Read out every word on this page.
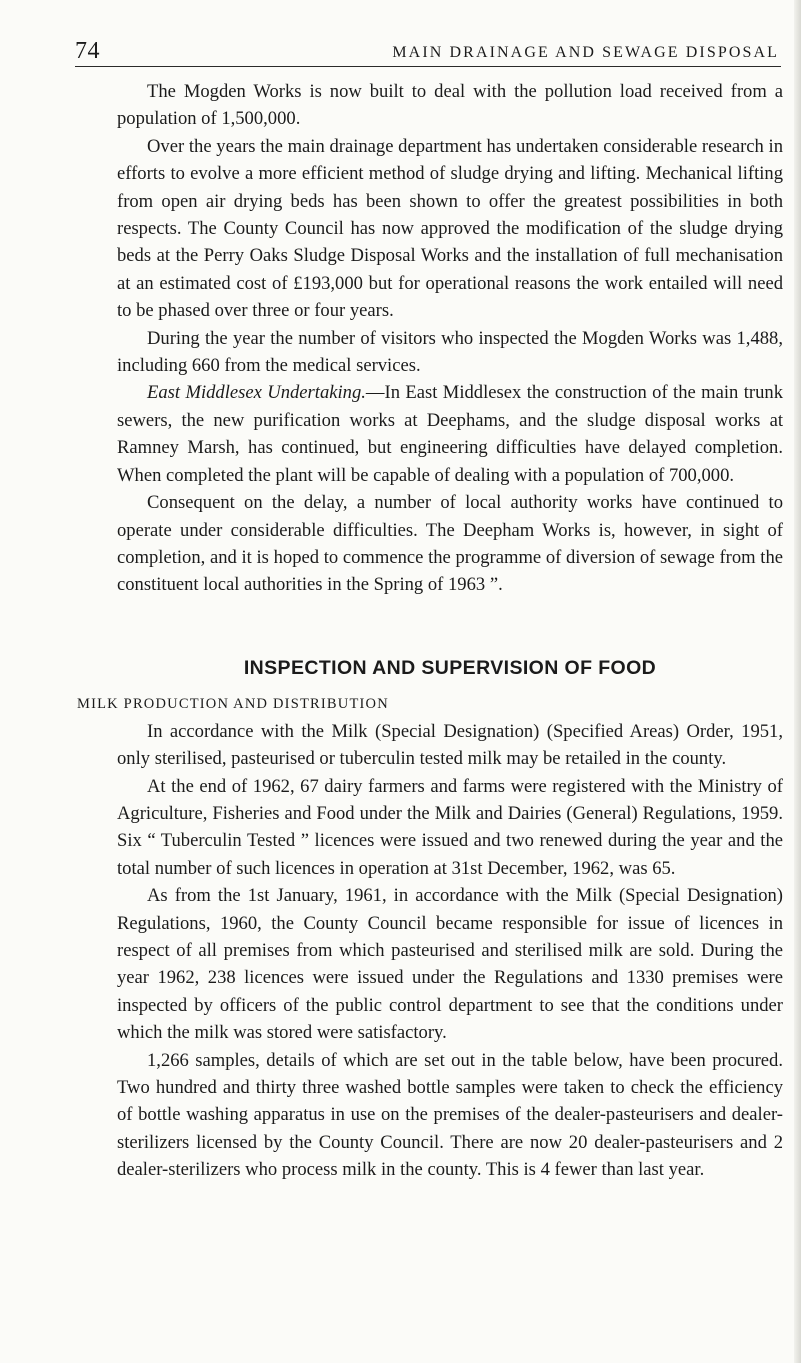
74	MAIN DRAINAGE AND SEWAGE DISPOSAL

The Mogden Works is now built to deal with the pollution load received from a population of 1,500,000.

Over the years the main drainage department has undertaken considerable research in efforts to evolve a more efficient method of sludge drying and lifting. Mechanical lifting from open air drying beds has been shown to offer the greatest possibilities in both respects. The County Council has now approved the modification of the sludge drying beds at the Perry Oaks Sludge Disposal Works and the installation of full mechanisation at an estimated cost of £193,000 but for operational reasons the work entailed will need to be phased over three or four years.

During the year the number of visitors who inspected the Mogden Works was 1,488, including 660 from the medical services.

East Middlesex Undertaking.—In East Middlesex the construction of the main trunk sewers, the new purification works at Deephams, and the sludge disposal works at Ramney Marsh, has continued, but engineering difficulties have delayed completion. When completed the plant will be capable of dealing with a population of 700,000.

Consequent on the delay, a number of local authority works have continued to operate under considerable difficulties. The Deepham Works is, however, in sight of completion, and it is hoped to commence the programme of diversion of sewage from the constituent local authorities in the Spring of 1963 ”.

INSPECTION AND SUPERVISION OF FOOD
MILK PRODUCTION AND DISTRIBUTION

In accordance with the Milk (Special Designation) (Specified Areas) Order, 1951, only sterilised, pasteurised or tuberculin tested milk may be retailed in the county.

At the end of 1962, 67 dairy farmers and farms were registered with the Ministry of Agriculture, Fisheries and Food under the Milk and Dairies (General) Regulations, 1959. Six “ Tuberculin Tested ” licences were issued and two renewed during the year and the total number of such licences in operation at 31st December, 1962, was 65.

As from the 1st January, 1961, in accordance with the Milk (Special Designation) Regulations, 1960, the County Council became responsible for issue of licences in respect of all premises from which pasteurised and sterilised milk are sold. During the year 1962, 238 licences were issued under the Regulations and 1330 premises were inspected by officers of the public control department to see that the conditions under which the milk was stored were satisfactory.

1,266 samples, details of which are set out in the table below, have been procured. Two hundred and thirty three washed bottle samples were taken to check the efficiency of bottle washing apparatus in use on the premises of the dealer-pasteurisers and dealer-sterilizers licensed by the County Council. There are now 20 dealer-pasteurisers and 2 dealer-sterilizers who process milk in the county. This is 4 fewer than last year.
